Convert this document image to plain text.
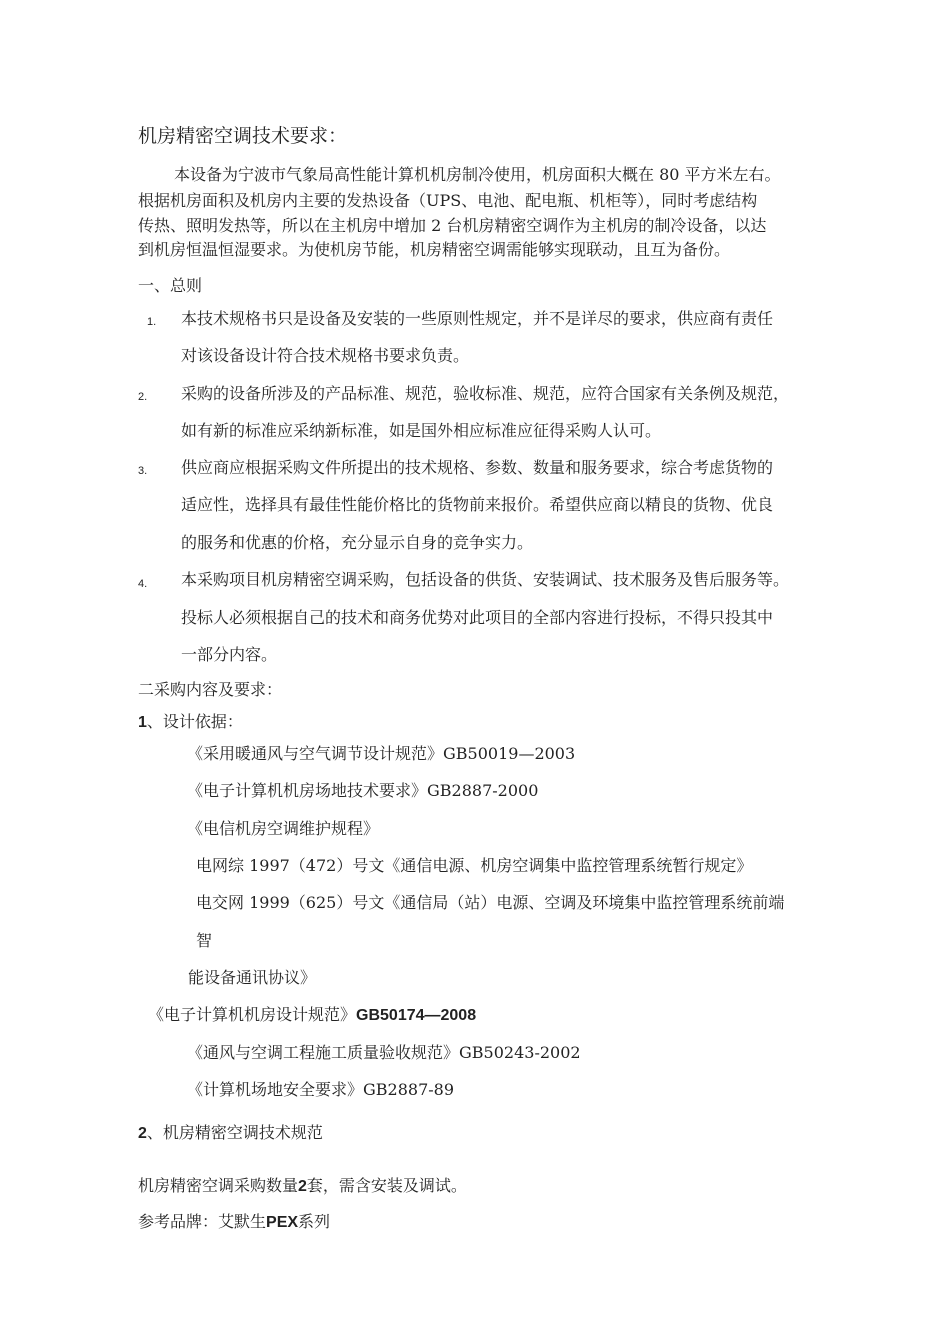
机房精密空调技术要求：
本设备为宁波市气象局高性能计算机机房制冷使用，机房面积大概在 80 平方米左右。
根据机房面积及机房内主要的发热设备（UPS、电池、配电瓶、机柜等），同时考虑结构
传热、照明发热等，所以在主机房中增加 2 台机房精密空调作为主机房的制冷设备，以达
到机房恒温恒湿要求。为使机房节能，机房精密空调需能够实现联动，且互为备份。
一、总则
1. 本技术规格书只是设备及安装的一些原则性规定，并不是详尽的要求，供应商有责任
对该设备设计符合技术规格书要求负责。
2. 采购的设备所涉及的产品标准、规范，验收标准、规范，应符合国家有关条例及规范，
如有新的标准应采纳新标准，如是国外相应标准应征得采购人认可。
3. 供应商应根据采购文件所提出的技术规格、参数、数量和服务要求，综合考虑货物的
适应性，选择具有最佳性能价格比的货物前来报价。希望供应商以精良的货物、优良
的服务和优惠的价格，充分显示自身的竞争实力。
4. 本采购项目机房精密空调采购，包括设备的供货、安装调试、技术服务及售后服务等。
投标人必须根据自己的技术和商务优势对此项目的全部内容进行投标，不得只投其中
一部分内容。
二采购内容及要求：
1、设计依据：
《采用暖通风与空气调节设计规范》GB50019—2003
《电子计算机机房场地技术要求》GB2887-2000
《电信机房空调维护规程》
电网综 1997（472）号文《通信电源、机房空调集中监控管理系统暂行规定》
电交网 1999（625）号文《通信局（站）电源、空调及环境集中监控管理系统前端
智
能设备通讯协议》
《电子计算机机房设计规范》GB50174—2008
《通风与空调工程施工质量验收规范》GB50243-2002
《计算机场地安全要求》GB2887-89
2、机房精密空调技术规范
机房精密空调采购数量2套，需含安装及调试。
参考品牌：艾默生PEX系列
